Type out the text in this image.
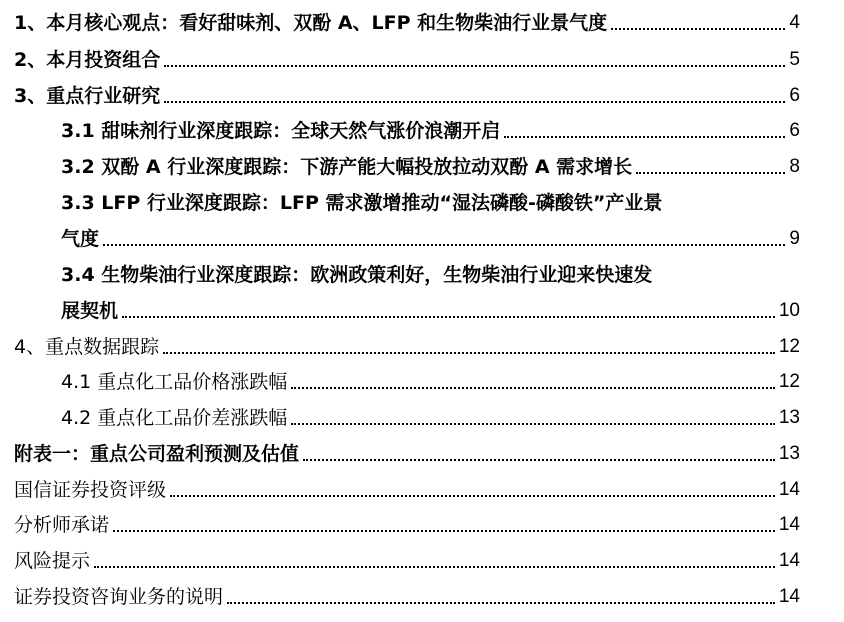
1、本月核心观点：看好甜味剂、双酚 A、LFP 和生物柴油行业景气度	4
2、本月投资组合	5
3、重点行业研究	6
3.1 甜味剂行业深度跟踪：全球天然气涨价浪潮开启	6
3.2 双酚 A 行业深度跟踪：下游产能大幅投放拉动双酚 A 需求增长	8
3.3 LFP 行业深度跟踪：LFP 需求激增推动“湿法磷酸-磷酸铁”产业景
气度	9
3.4 生物柴油行业深度跟踪：欧洲政策利好，生物柴油行业迎来快速发
展契机	10
4、重点数据跟踪	12
4.1 重点化工品价格涨跌幅	12
4.2 重点化工品价差涨跌幅	13
附表一：重点公司盈利预测及估值	13
国信证券投资评级	14
分析师承诺	14
风险提示	14
证券投资咨询业务的说明	14
